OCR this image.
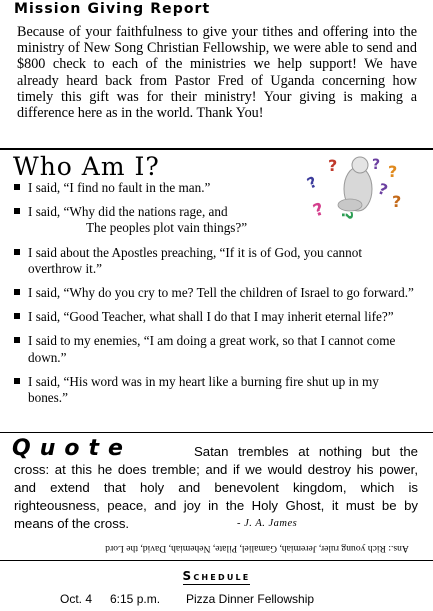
Mission Giving Report
Because of your faithfulness to give your tithes and offering into the ministry of New Song Christian Fellowship, we were able to send and $800 check to each of the ministries we help support! We have already heard back from Pastor Fred of Uganda concerning how timely this gift was for their ministry! Your giving is making a difference here as in the world. Thank You!
Who Am I?	?
?
?
? ?
?
?
?
I said, “I find no fault in the man.”
I said, “Why did the nations rage, and
The peoples plot vain things?”
I said about the Apostles preaching, “If it is of God, you cannot overthrow it.”
I said, “Why do you cry to me? Tell the children of Israel to go forward.”
I said, “Good Teacher, what shall I do that I may inherit eternal life?”
I said to my enemies, “I am doing a great work, so that I cannot come down.”
I said, “His word was in my heart like a burning fire shut up in my bones.”
Quote	Satan trembles at nothing but the cross: at this he does tremble; and if we would destroy his power, and extend that holy and benevolent kingdom, which is righteousness, peace, and joy in the Holy Ghost, it must be by means of the cross.	- J. A. James
Ans.: Rich young ruler, Jeremiah, Gamaliel, Pilate, Nehemiah, David, the Lord
Schedule
Oct. 4 6:15 p.m. Pizza Dinner Fellowship
